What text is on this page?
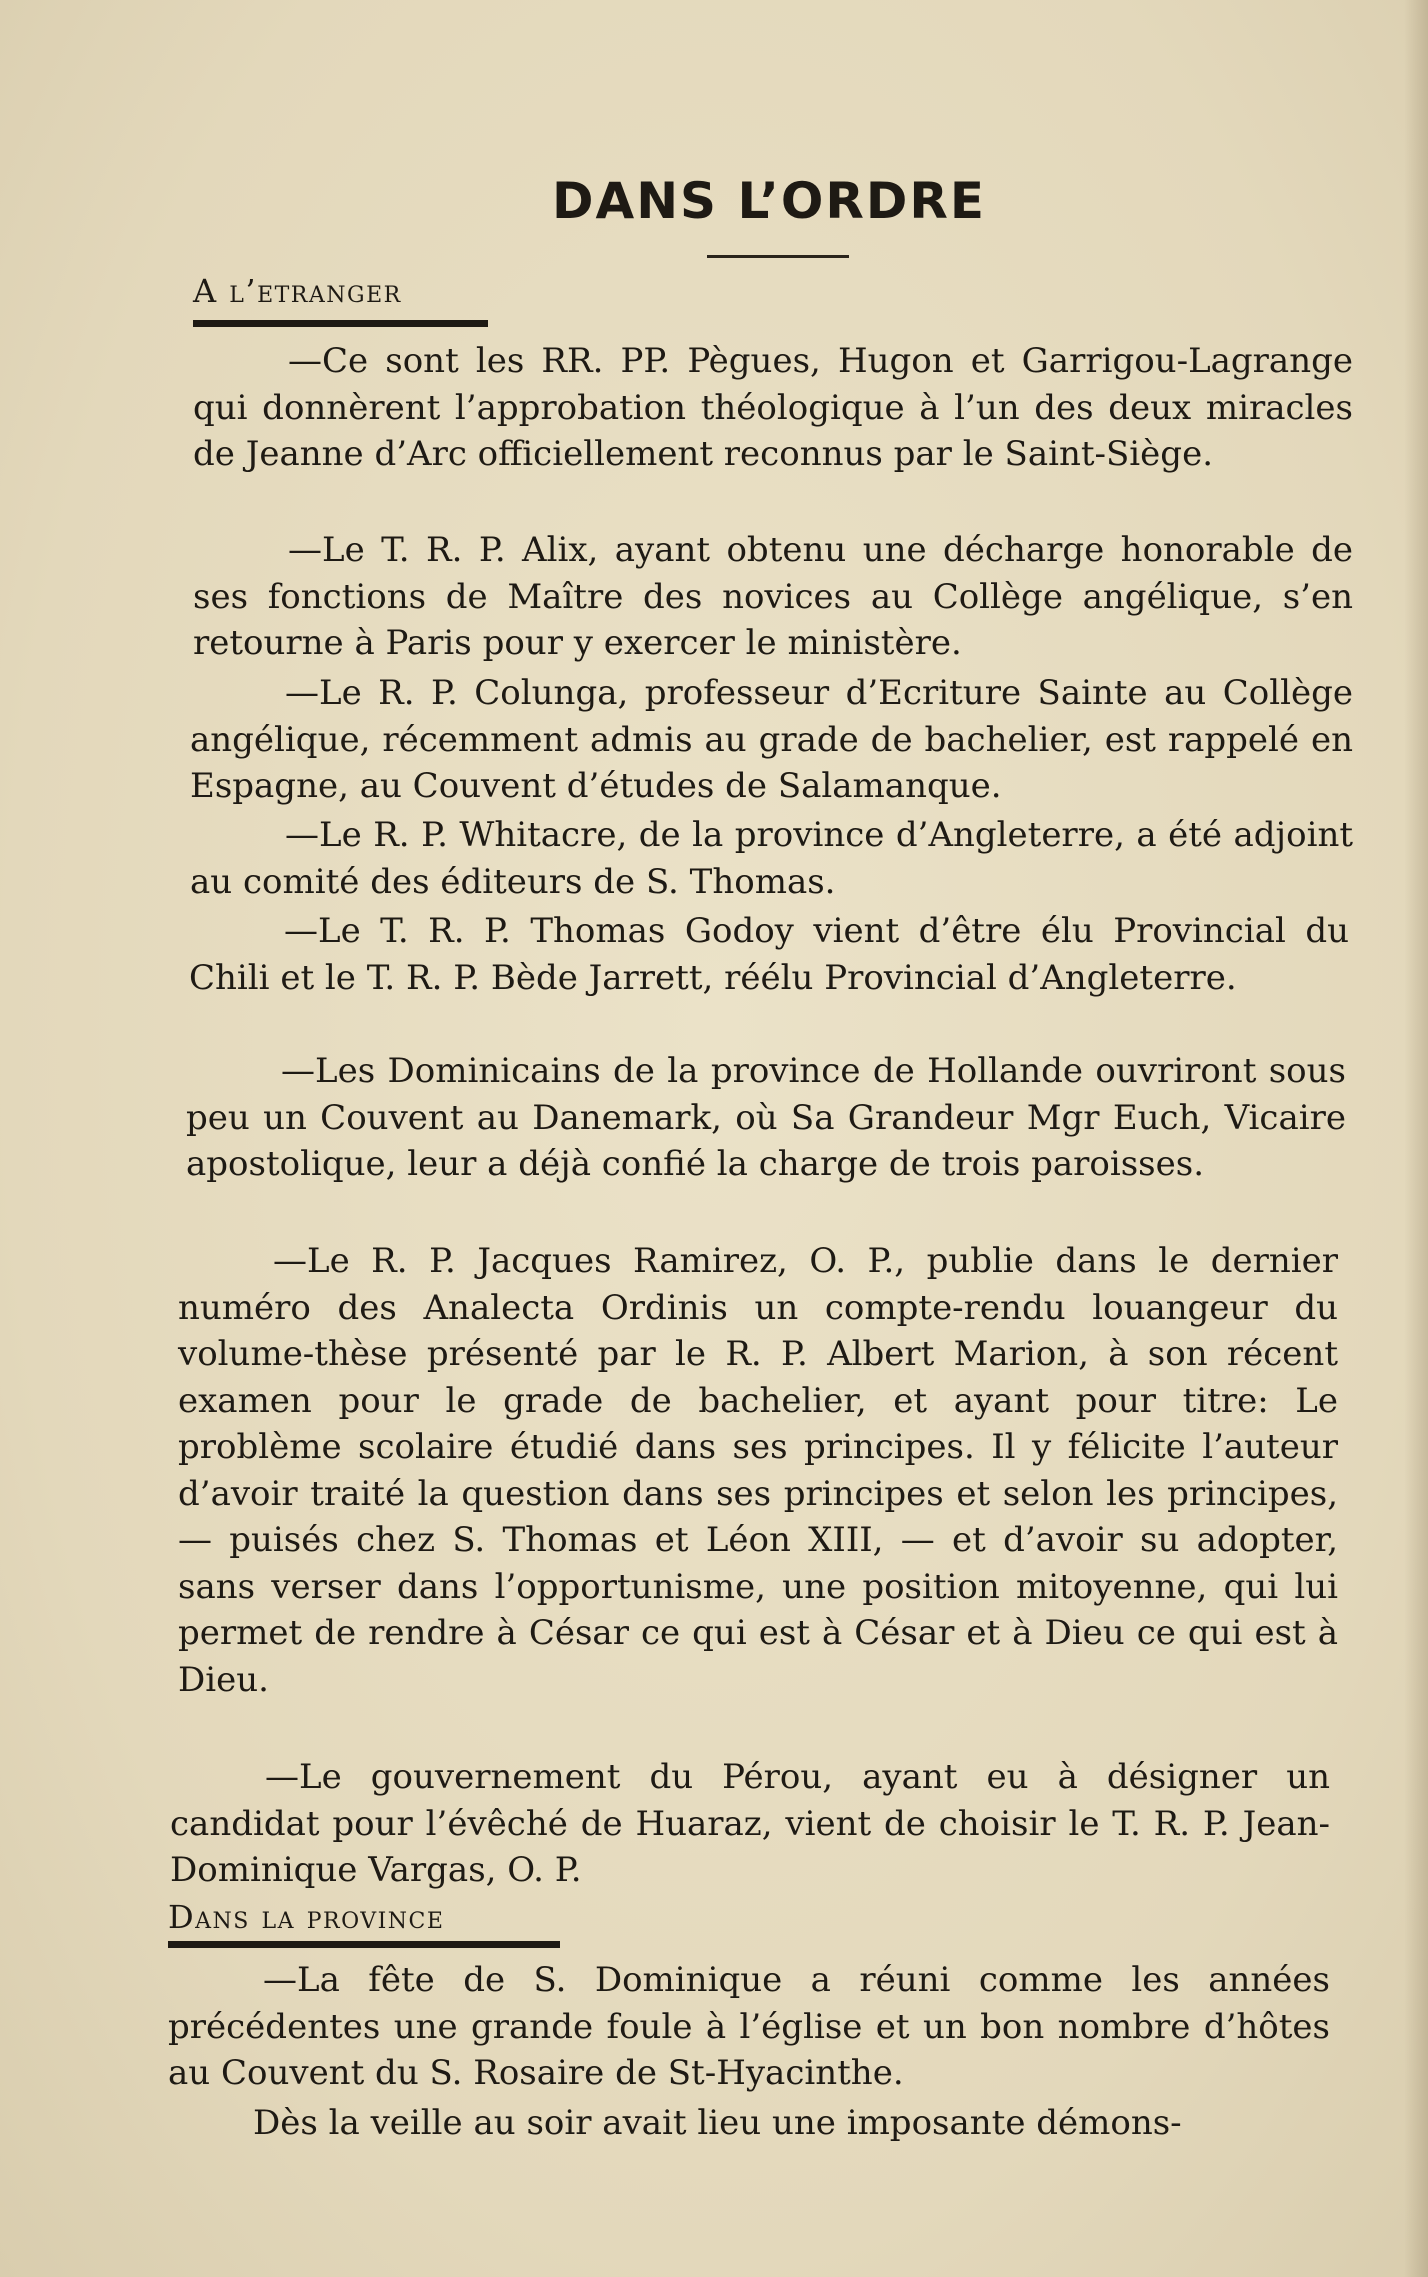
DANS L’ORDRE
A l’etranger

—Ce sont les RR. PP. Pègues, Hugon et Garrigou-Lagrange qui donnèrent l’approbation théologique à l’un des deux miracles de Jeanne d’Arc officiellement reconnus par le Saint-Siège.

—Le T. R. P. Alix, ayant obtenu une décharge honorable de ses fonctions de Maître des novices au Collège angélique, s’en retourne à Paris pour y exercer le ministère.

—Le R. P. Colunga, professeur d’Ecriture Sainte au Collège angélique, récemment admis au grade de bachelier, est rappelé en Espagne, au Couvent d’études de Salamanque.

—Le R. P. Whitacre, de la province d’Angleterre, a été adjoint au comité des éditeurs de S. Thomas.

—Le T. R. P. Thomas Godoy vient d’être élu Provincial du Chili et le T. R. P. Bède Jarrett, réélu Provincial d’Angleterre.

—Les Dominicains de la province de Hollande ouvriront sous peu un Couvent au Danemark, où Sa Grandeur Mgr Euch, Vicaire apostolique, leur a déjà confié la charge de trois paroisses.

—Le R. P. Jacques Ramirez, O. P., publie dans le dernier numéro des Analecta Ordinis un compte-rendu louangeur du volume-thèse présenté par le R. P. Albert Marion, à son récent examen pour le grade de bachelier, et ayant pour titre: Le problème scolaire étudié dans ses principes. Il y félicite l’auteur d’avoir traité la question dans ses principes et selon les principes, — puisés chez S. Thomas et Léon XIII, — et d’avoir su adopter, sans verser dans l’opportunisme, une position mitoyenne, qui lui permet de rendre à César ce qui est à César et à Dieu ce qui est à Dieu.

—Le gouvernement du Pérou, ayant eu à désigner un candidat pour l’évêché de Huaraz, vient de choisir le T. R. P. Jean-Dominique Vargas, O. P.

Dans la province

—La fête de S. Dominique a réuni comme les années précédentes une grande foule à l’église et un bon nombre d’hôtes au Couvent du S. Rosaire de St-Hyacinthe.

Dès la veille au soir avait lieu une imposante démons-
